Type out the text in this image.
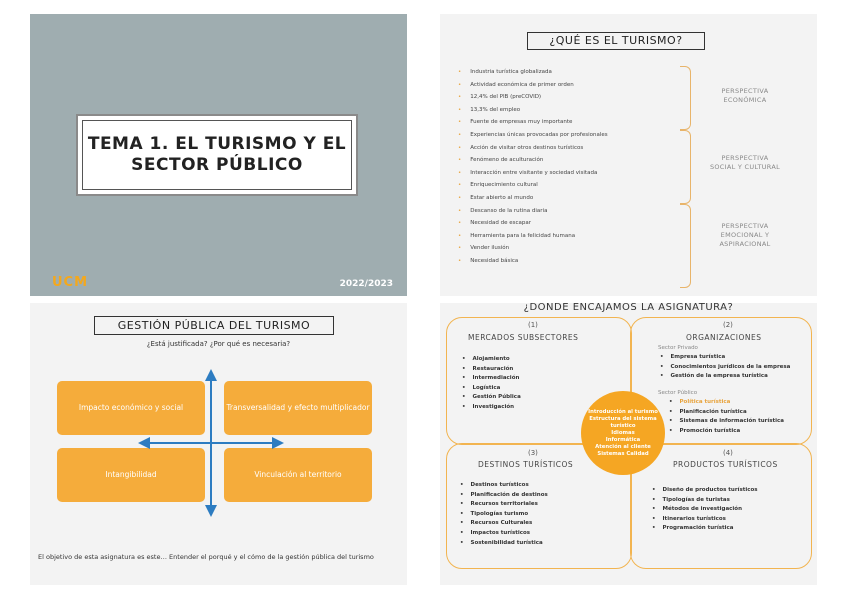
TEMA 1. EL TURISMO Y EL
SECTOR PÚBLICO
UCM	2022/2023
¿QUÉ ES EL TURISMO?
• Industria turística globalizada
• Actividad económica de primer orden
• 12,4% del PIB (preCOVID)
• 13,3% del empleo
• Fuente de empresas muy importante
• Experiencias únicas provocadas por profesionales
• Acción de visitar otros destinos turísticos
• Fenómeno de aculturación
• Interacción entre visitante y sociedad visitada
• Enriquecimiento cultural
• Estar abierto al mundo
• Descanso de la rutina diaria
• Necesidad de escapar
• Herramienta para la felicidad humana
• Vender ilusión
• Necesidad básica
PERSPECTIVA
ECONÓMICA
PERSPECTIVA
SOCIAL Y CULTURAL
PERSPECTIVA
EMOCIONAL Y
ASPIRACIONAL
GESTIÓN PÚBLICA DEL TURISMO
¿Está justificada? ¿Por qué es necesaria?
Impacto económico y social	Transversalidad y efecto multiplicador
Intangibilidad	Vinculación al territorio
El objetivo de esta asignatura es este… Entender el porqué y el cómo de la gestión pública del turismo
¿DÓNDE ENCAJAMOS LA ASIGNATURA?
(1)
MERCADOS SUBSECTORES
• Alojamiento
• Restauración
• Intermediación
• Logística
• Gestión Pública
• Investigación
(2)
ORGANIZACIONES
Sector Privado
• Empresa turística
• Conocimientos jurídicos de la empresa
• Gestión de la empresa turística
Sector Público
• Política turística
• Planificación turística
• Sistemas de información turística
• Promoción turística
(3)
DESTINOS TURÍSTICOS
• Destinos turísticos
• Planificación de destinos
• Recursos territoriales
• Tipologías turismo
• Recursos Culturales
• Impactos turísticos
• Sostenibilidad turística
(4)
PRODUCTOS TURÍSTICOS
• Diseño de productos turísticos
• Tipologías de turistas
• Métodos de investigación
• Itinerarios turísticos
• Programación turística
Introducción al turismo
Estructura del sistema turístico
Idiomas
Informática
Atención al cliente
Sistemas Calidad
